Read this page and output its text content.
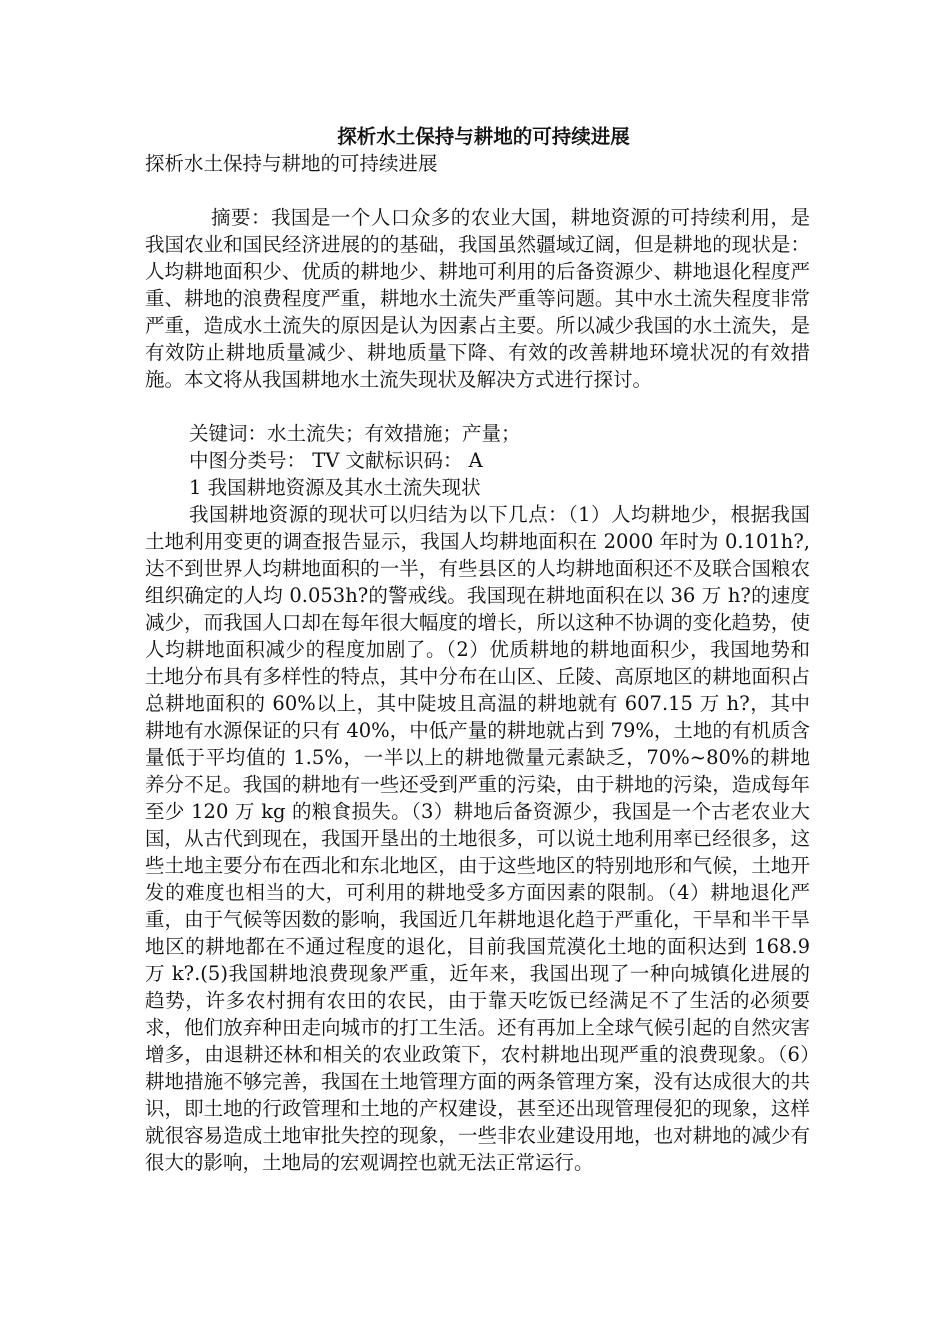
探析水土保持与耕地的可持续进展

探析水土保持与耕地的可持续进展

摘要：我国是一个人口众多的农业大国，耕地资源的可持续利用，是我国农业和国民经济进展的的基础，我国虽然疆域辽阔，但是耕地的现状是：人均耕地面积少、优质的耕地少、耕地可利用的后备资源少、耕地退化程度严重、耕地的浪费程度严重，耕地水土流失严重等问题。其中水土流失程度非常严重，造成水土流失的原因是认为因素占主要。所以减少我国的水土流失，是有效防止耕地质量减少、耕地质量下降、有效的改善耕地环境状况的有效措施。本文将从我国耕地水土流失现状及解决方式进行探讨。

关键词：水土流失；有效措施；产量；

中图分类号： TV 文献标识码： A

1 我国耕地资源及其水土流失现状

我国耕地资源的现状可以归结为以下几点：（1）人均耕地少，根据我国土地利用变更的调查报告显示，我国人均耕地面积在 2000 年时为 0.101h?,达不到世界人均耕地面积的一半，有些县区的人均耕地面积还不及联合国粮农组织确定的人均 0.053h?的警戒线。我国现在耕地面积在以 36 万 h?的速度减少，而我国人口却在每年很大幅度的增长，所以这种不协调的变化趋势，使人均耕地面积减少的程度加剧了。（2）优质耕地的耕地面积少，我国地势和土地分布具有多样性的特点，其中分布在山区、丘陵、高原地区的耕地面积占总耕地面积的 60%以上，其中陡坡且高温的耕地就有 607.15 万 h?，其中耕地有水源保证的只有 40%，中低产量的耕地就占到 79%，土地的有机质含量低于平均值的 1.5%，一半以上的耕地微量元素缺乏，70%~80%的耕地养分不足。我国的耕地有一些还受到严重的污染，由于耕地的污染，造成每年至少 120 万 kg 的粮食损失。（3）耕地后备资源少，我国是一个古老农业大国，从古代到现在，我国开垦出的土地很多，可以说土地利用率已经很多，这些土地主要分布在西北和东北地区，由于这些地区的特别地形和气候，土地开发的难度也相当的大，可利用的耕地受多方面因素的限制。（4）耕地退化严重，由于气候等因数的影响，我国近几年耕地退化趋于严重化，干旱和半干旱地区的耕地都在不通过程度的退化，目前我国荒漠化土地的面积达到 168.9 万 k?.(5)我国耕地浪费现象严重，近年来，我国出现了一种向城镇化进展的趋势，许多农村拥有农田的农民，由于靠天吃饭已经满足不了生活的必须要求，他们放弃种田走向城市的打工生活。还有再加上全球气候引起的自然灾害增多，由退耕还林和相关的农业政策下，农村耕地出现严重的浪费现象。（6）耕地措施不够完善，我国在土地管理方面的两条管理方案，没有达成很大的共识，即土地的行政管理和土地的产权建设，甚至还出现管理侵犯的现象，这样就很容易造成土地审批失控的现象，一些非农业建设用地，也对耕地的减少有很大的影响，土地局的宏观调控也就无法正常运行。
